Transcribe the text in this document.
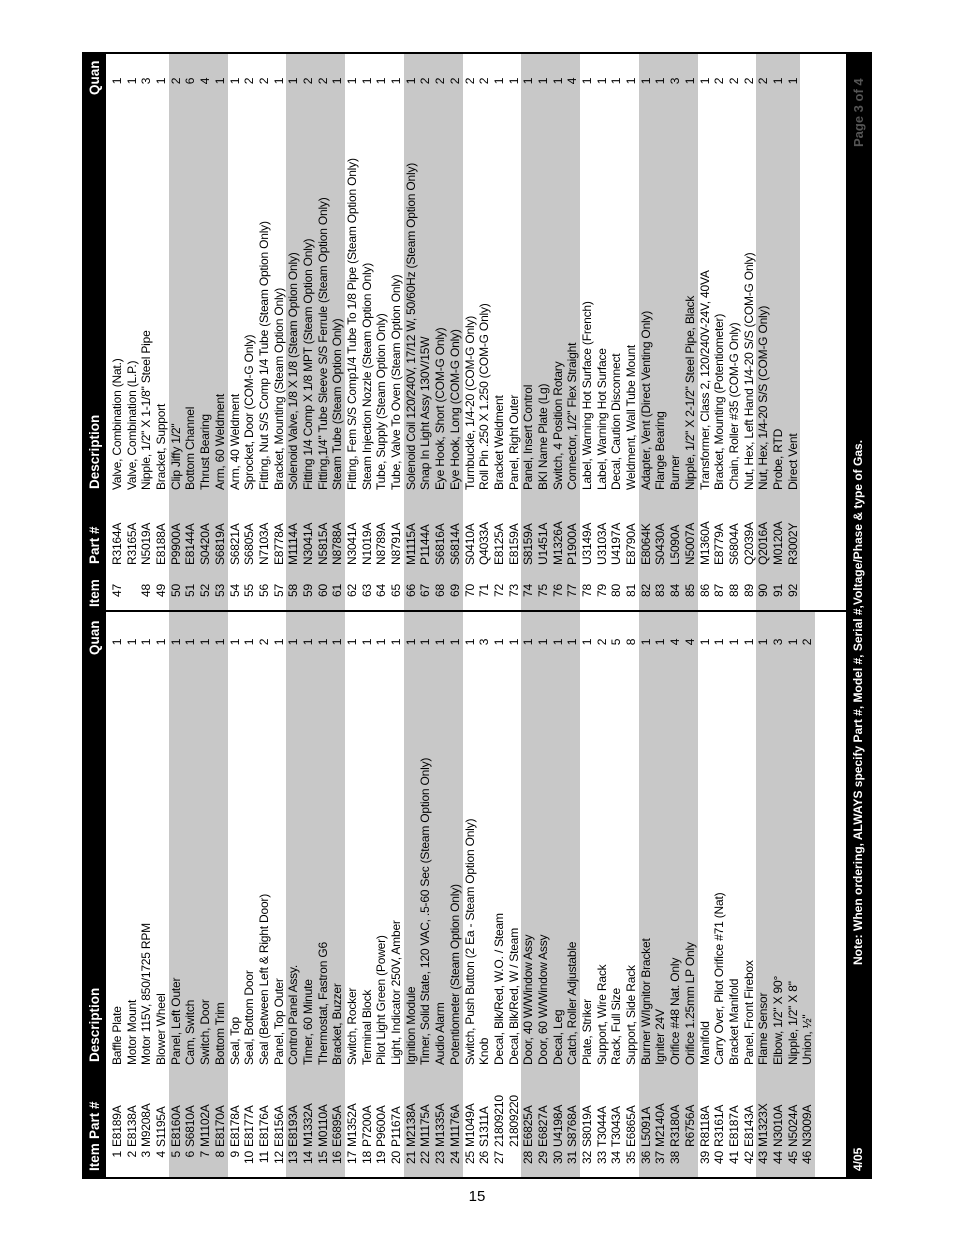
Item
Part #
Description
Quan
Item
Part #
Description
Quan
1
E8189A
Baffle Plate
1
2
E8138A
Motor Mount
1
3
M9208A
Motor 115V, 850/1725 RPM
1
4
S1195A
Blower Wheel
1
5
E8160A
Panel, Left Outer
1
6
S6810A
Cam, Switch
1
7
M1102A
Switch, Door
1
8
E8170A
Bottom Trim
1
9
E8178A
Seal, Top
1
10
E8177A
Seal, Bottom Door
1
11
E8176A
Seal (Between Left & Right Door)
2
12
E8156A
Panel, Top Outer
1
13
E8193A
Control Panel Assy.
1
14
M1332A
Timer, 60 Minute
1
15
M0110A
Thermostat, Fastron G6
1
16
E6895A
Bracket, Buzzer
1
17
M1352A
Switch, Rocker
1
18
P7200A
Terminal Block
1
19
P9600A
Pilot Light Green (Power)
1
20
P1167A
Light, Indicator 250V, Amber
1
21
M2138A
Ignition Module
1
22
M1175A
Timer, Solid State, 120 VAC, .5-60 Sec (Steam Option Only)
1
23
M1335A
Audio Alarm
1
24
M1176A
Potentiometer (Steam Option Only)
1
25
M1049A
Switch, Push Button (2 Ea - Steam Option Only)
1
26
S1311A
Knob
3
27
21809210
Decal, Blk/Red, W.O. / Steam
1
21809220
Decal, Blk/Red, W / Steam
1
28
E6825A
Door, 40 W/Window Assy
1
29
E6827A
Door, 60 W/Window Assy
1
30
U4198A
Decal, Leg
1
31
S8768A
Catch, Roller Adjustable
1
32
S8019A
Plate, Striker
1
33
T3044A
Support, Wire Rack
2
34
T3043A
Rack, Full Size
5
35
E6865A
Support, Side Rack
8
36
L5091A
Burner W/Ignitor Bracket
1
37
M2140A
Igniter 24V
1
38
R3180A
Orifice #48 Nat. Only
4
R6756A
Orifice 1.25mm LP Only
4
39
R8118A
Manifold
1
40
R3161A
Carry Over, Pilot Orifice #71 (Nat)
1
41
E8187A
Bracket Manifold
1
42
E8143A
Panel, Front Firebox
1
43
M1323X
Flame Sensor
1
44
N3010A
Elbow, 1/2" X 90°
3
45
N5024A
Nipple, 1/2" X 8"
1
46
N3009A
Union, ½"
2
47
R3164A
Valve, Combination (Nat.)
1
R3165A
Valve, Combination (L.P.)
1
48
N5019A
Nipple, 1/2" X 1-1/8" Steel Pipe
3
49
E8188A
Bracket, Support
1
50
P9900A
Clip Jiffy 1/2"
2
51
E8144A
Bottom Channel
6
52
S0420A
Thrust Bearing
4
53
S6819A
Arm, 60 Weldment
1
54
S6821A
Arm, 40 Weldment
1
55
S6805A
Sprocket, Door (COM-G Only)
2
56
N7103A
Fitting, Nut S/S Comp 1/4 Tube (Steam Option Only)
2
57
E8778A
Bracket, Mounting (Steam Option Only)
1
58
M1114A
Solenoid Valve, 1/8 X 1/8 (Steam Option Only)
1
59
N3041A
Fitting 1/4 Comp X 1/8 MPT (Steam Option Only)
2
60
N5815A
Fitting,1/4" Tube Sleeve S/S Ferrule (Steam Option Only)
2
61
N8788A
Steam Tube (Steam Option Only)
1
62
N3041A
Fitting, Fem S/S Comp1/4 Tube To 1/8 Pipe (Steam Option Only)
1
63
N1019A
Steam Injection Nozzle (Steam Option Only)
1
64
N8789A
Tube, Supply (Steam Option Only)
1
65
N8791A
Tube, Valve To Oven (Steam Option Only)
1
66
M1115A
Solenoid Coil 120/240V, 17/12 W, 50/60Hz (Steam Option Only)
1
67
P1144A
Snap In Light Assy 130V/15W
2
68
S6816A
Eye Hook, Short (COM-G Only)
2
69
S6814A
Eye Hook, Long (COM-G Only)
2
70
S0410A
Turnbuckle, 1/4-20 (COM-G Only)
2
71
Q4033A
Roll Pin .250 X 1.250 (COM-G Only)
2
72
E8125A
Bracket Weldment
1
73
E8159A
Panel, Right Outer
1
74
S8159A
Panel, Insert Control
1
75
U1451A
BKI Name Plate (Lg)
1
76
M1326A
Switch, 4 Position Rotary
1
77
P1900A
Connector, 1/2" Flex Straight
4
78
U3149A
Label, Warning Hot Surface (French)
1
79
U3103A
Label, Warning Hot Surface
1
80
U4197A
Decal, Caution Disconnect
1
81
E8790A
Weldment, Wall Tube Mount
1
82
E8064K
Adapter, Vent (Direct Venting Only)
1
83
S0430A
Flange Bearing
1
84
L5090A
Burner
3
85
N5007A
Nipple, 1/2" X 2-1/2" Steel Pipe, Black
1
86
M1360A
Transformer, Class 2, 120/240V-24V, 40VA
1
87
E8779A
Bracket, Mounting (Potentiometer)
2
88
S6804A
Chain, Roller #35 (COM-G Only)
2
89
Q2039A
Nut, Hex, Left Hand 1/4-20 S/S (COM-G Only)
2
90
Q2016A
Nut, Hex, 1/4-20 S/S (COM-G Only)
2
91
M0120A
Probe, RTD
1
92
R3002Y
Direct Vent
1
4/05
Note: When ordering, ALWAYS specify Part #, Model #, Serial #,Voltage/Phase & type of Gas.
Page 3 of 4
15
